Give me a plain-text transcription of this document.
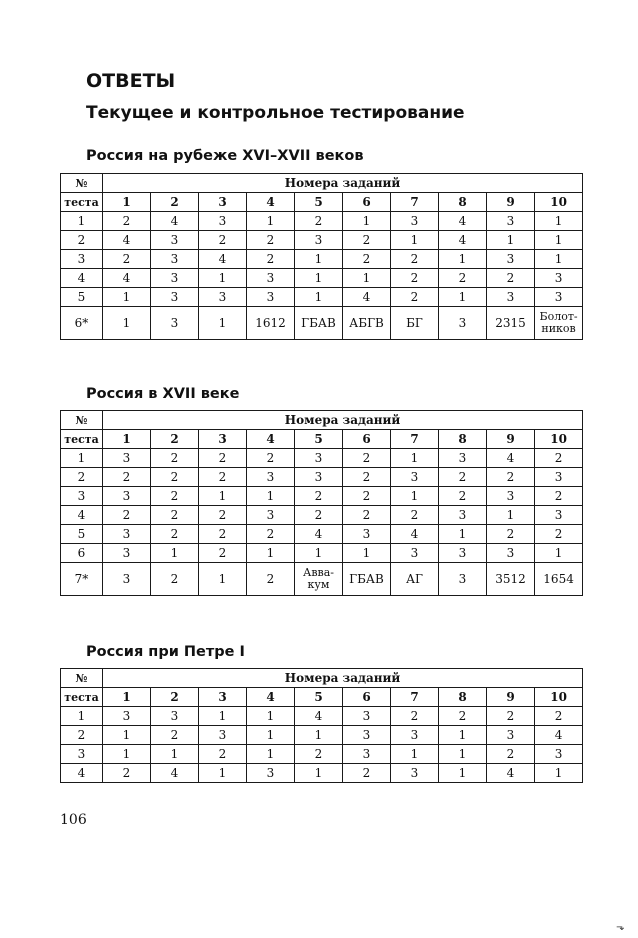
ОТВЕТЫ
Текущее и контрольное тестирование
Россия на рубеже XVI–XVII веков
№	Номера заданий									
теста	1	2	3	4	5	6	7	8	9	10
1	2	4	3	1	2	1	3	4	3	1
2	4	3	2	2	3	2	1	4	1	1
3	2	3	4	2	1	2	2	1	3	1
4	4	3	1	3	1	1	2	2	2	3
5	1	3	3	3	1	4	2	1	3	3
6*	1	3	1	1612	ГБАВ	АБГВ	БГ	3	2315	Болот- ников
Россия в XVII веке
№	Номера заданий									
теста	1	2	3	4	5	6	7	8	9	10
1	3	2	2	2	3	2	1	3	4	2
2	2	2	2	3	3	2	3	2	2	3
3	3	2	1	1	2	2	1	2	3	2
4	2	2	2	3	2	2	2	3	1	3
5	3	2	2	2	4	3	4	1	2	2
6	3	1	2	1	1	1	3	3	3	1
7*	3	2	1	2	Авва- кум	ГБАВ	АГ	3	3512	1654
Россия при Петре I
№	Номера заданий									
теста	1	2	3	4	5	6	7	8	9	10
1	3	3	1	1	4	3	2	2	2	2
2	1	2	3	1	1	3	3	1	3	4
3	1	1	2	1	2	3	1	1	2	3
4	2	4	1	3	1	2	3	1	4	1
106
⬎
